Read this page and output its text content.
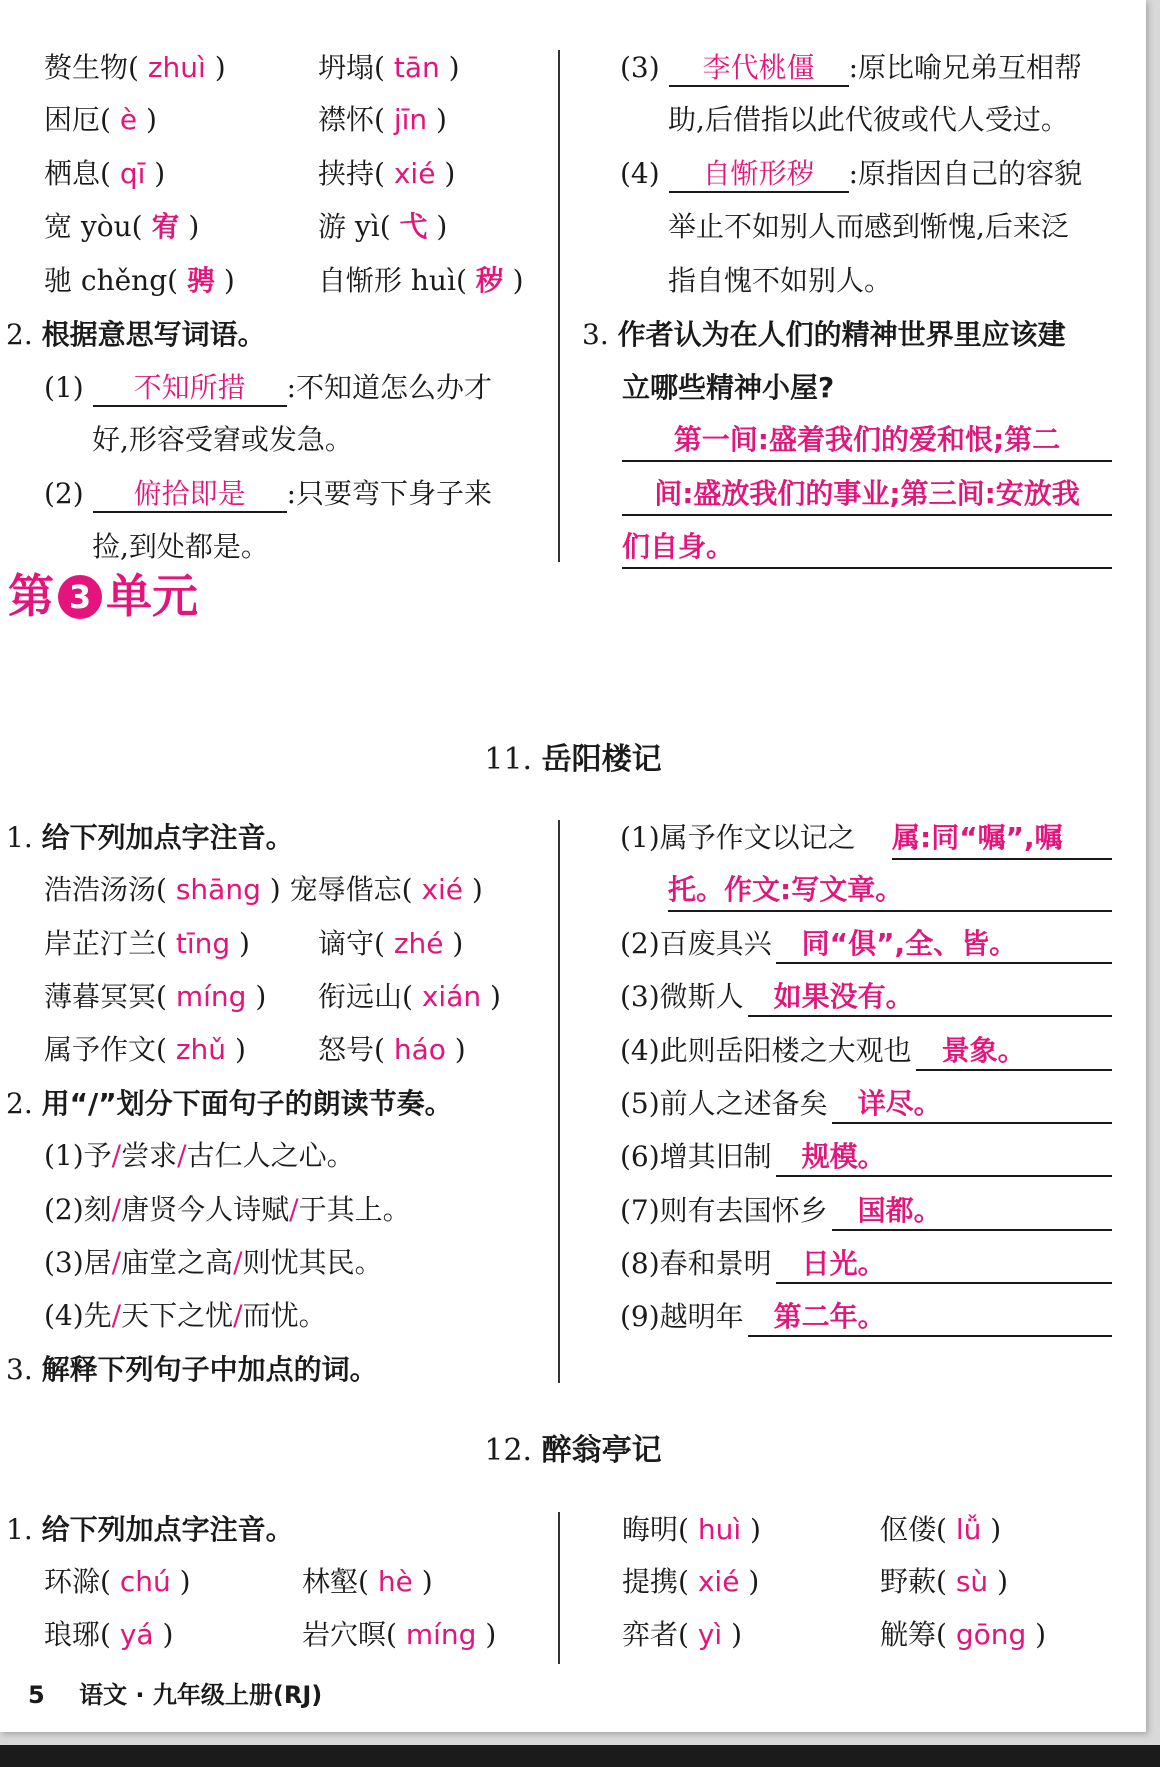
赘生物( zhuì )	坍塌( tān )
困厄( è )	襟怀( jīn )
栖息( qī )	挟持( xié )
宽 yòu( 宥 )	游 yì( 弋 )
驰 chěng( 骋 )	自惭形 huì( 秽 )
2. 根据意思写词语。
(1) 不知所措 :不知道怎么办才
好,形容受窘或发急。
(2) 俯拾即是 :只要弯下身子来
捡,到处都是。
(3) 李代桃僵 :原比喻兄弟互相帮
助,后借指以此代彼或代人受过。
(4) 自惭形秽 :原指因自己的容貌
举止不如别人而感到惭愧,后来泛
指自愧不如别人。
3. 作者认为在人们的精神世界里应该建
立哪些精神小屋?
第一间:盛着我们的爱和恨;第二
间:盛放我们的事业;第三间:安放我
们自身。
第 3 单元
11. 岳阳楼记
1. 给下列加点字注音。
浩浩汤汤( shāng ) 宠辱偕忘( xié )
岸芷汀兰( tīng ) 谪守( zhé )
薄暮冥冥( míng ) 衔远山( xián )
属予作文( zhǔ )	怒号( háo )
2. 用“/”划分下面句子的朗读节奏。
(1)予/尝求/古仁人之心。
(2)刻/唐贤今人诗赋/于其上。
(3)居/庙堂之高/则忧其民。
(4)先/天下之忧/而忧。
3. 解释下列句子中加点的词。
(1)属予作文以记之 属:同“嘱”,嘱
托。作文:写文章。
(2)百废具兴	同“俱”,全、皆。
(3)微斯人	如果没有。
(4)此则岳阳楼之大观也	景象。
(5)前人之述备矣	详尽。
(6)增其旧制	规模。
(7)则有去国怀乡	国都。
(8)春和景明	日光。
(9)越明年	第二年。
12. 醉翁亭记
1. 给下列加点字注音。
环滁( chú )	林壑( hè )
琅琊( yá )	岩穴暝( míng )
晦明( huì )	伛偻( lǚ )
提携( xié )	野蔌( sù )
弈者( yì )	觥筹( gōng )
5 语文 · 九年级上册(RJ)
